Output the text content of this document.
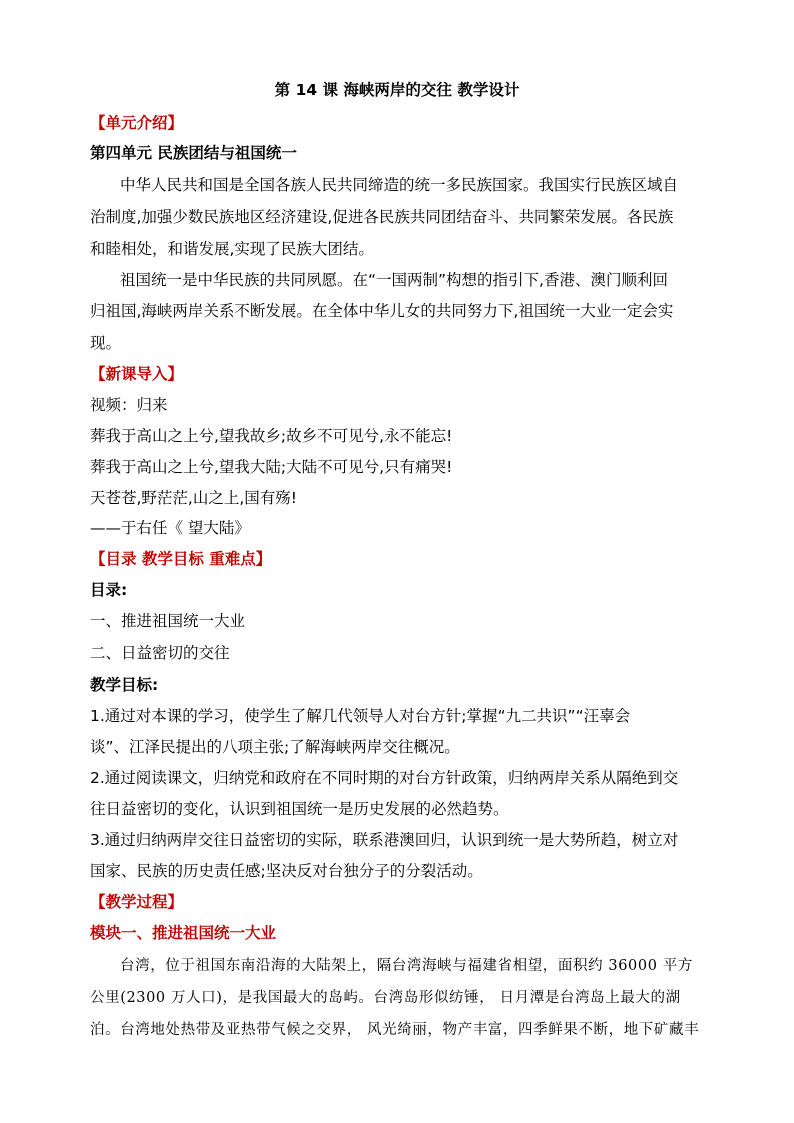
第 14 课 海峡两岸的交往 教学设计
【单元介绍】
第四单元 民族团结与祖国统一
中华人民共和国是全国各族人民共同缔造的统一多民族国家。我国实行民族区域自
治制度,加强少数民族地区经济建设,促进各民族共同团结奋斗、共同繁荣发展。各民族
和睦相处，和谐发展,实现了民族大团结。
祖国统一是中华民族的共同夙愿。在“一国两制”构想的指引下,香港、澳门顺利回
归祖国,海峡两岸关系不断发展。在全体中华儿女的共同努力下,祖国统一大业一定会实
现。
【新课导入】
视频：归来
葬我于高山之上兮,望我故乡;故乡不可见兮,永不能忘!
葬我于高山之上兮,望我大陆;大陆不可见兮,只有痛哭!
天苍苍,野茫茫,山之上,国有殇!
——于右任《 望大陆》
【目录 教学目标 重难点】
目录:
一、推进祖国统一大业
二、日益密切的交往
教学目标:
1.通过对本课的学习，使学生了解几代领导人对台方针;掌握“九二共识”“汪辜会
谈”、江泽民提出的八项主张;了解海峡两岸交往概况。
2.通过阅读课文，归纳党和政府在不同时期的对台方针政策，归纳两岸关系从隔绝到交
往日益密切的变化，认识到祖国统一是历史发展的必然趋势。
3.通过归纳两岸交往日益密切的实际，联系港澳回归，认识到统一是大势所趋，树立对
国家、民族的历史责任感;坚决反对台独分子的分裂活动。
【教学过程】
模块一、推进祖国统一大业
台湾，位于祖国东南沿海的大陆架上，隔台湾海峡与福建省相望，面积约 36000 平方
公里(2300 万人口)，是我国最大的岛屿。台湾岛形似纺锤， 日月潭是台湾岛上最大的湖
泊。台湾地处热带及亚热带气候之交界， 风光绮丽，物产丰富，四季鲜果不断，地下矿藏丰
